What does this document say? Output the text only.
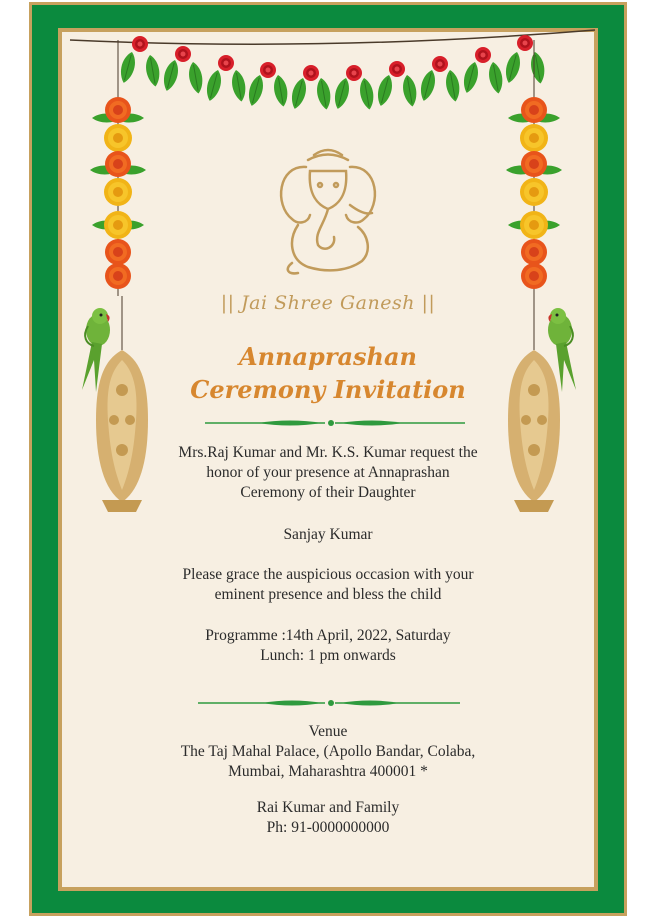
|| Jai Shree Ganesh ||
Annaprashan
Ceremony Invitation
Mrs.Raj Kumar and Mr. K.S. Kumar request the
honor of your presence at Annaprashan
Ceremony of their Daughter
Sanjay Kumar
Please grace the auspicious occasion with your
eminent presence and bless the child
Programme :14th April, 2022, Saturday
Lunch: 1 pm onwards
Venue
The Taj Mahal Palace, (Apollo Bandar, Colaba,
Mumbai, Maharashtra 400001 *
Rai Kumar and Family
Ph: 91-0000000000
